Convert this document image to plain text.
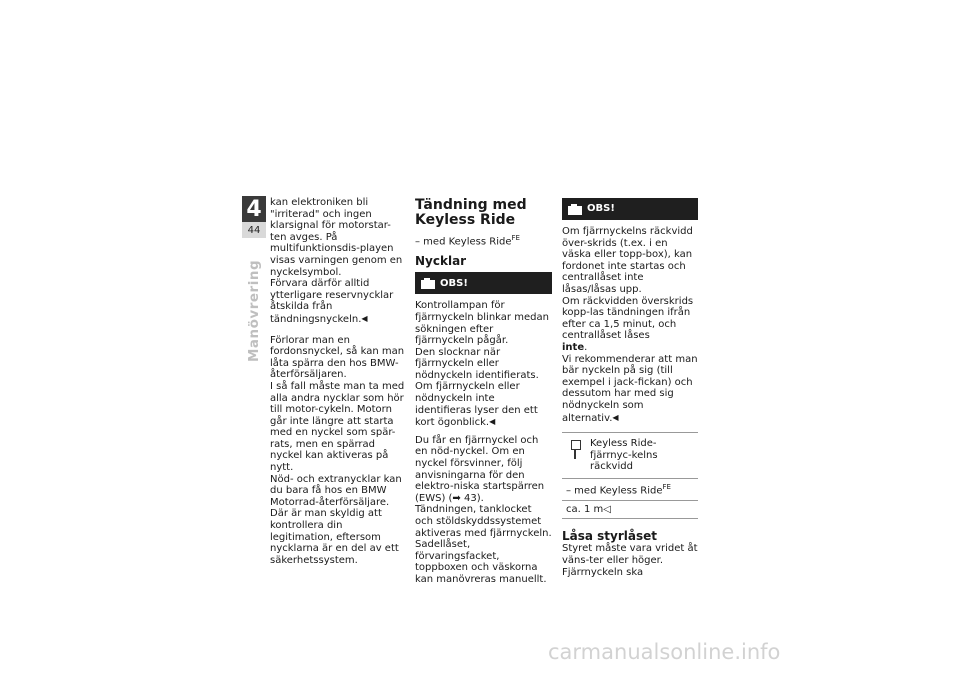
4
44
Manövrering

kan elektroniken bli "irriterad" och ingen klarsignal för motorstar-ten avges. På multifunktionsdis-playen visas varningen genom en nyckelsymbol.

Förvara därför alltid ytterligare reservnycklar åtskilda från tändningsnyckeln. ◀

Förlorar man en fordonsnyckel, så kan man låta spärra den hos BMW-återförsäljaren.

I så fall måste man ta med alla andra nycklar som hör till motor-cykeln. Motorn går inte längre att starta med en nyckel som spär-rats, men en spärrad nyckel kan aktiveras på nytt.

Nöd- och extranycklar kan du bara få hos en BMW Motorrad-återförsäljare. Där är man skyldig att kontrollera din legitimation, eftersom nycklarna är en del av ett säkerhetssystem.

Tändning med Keyless Ride
– med Keyless Ride$^{FE}$
Nycklar
OBS!

Kontrollampan för fjärrnyckeln blinkar medan sökningen efter fjärrnyckeln pågår.

Den slocknar när fjärrnyckeln eller nödnyckeln identifierats.

Om fjärrnyckeln eller nödnyckeln inte identifieras lyser den ett kort ögonblick. ◀

Du får en fjärrnyckel och en nöd-nyckel. Om en nyckel försvinner, följ anvisningarna för den elektro-niska startspärren (EWS) (➡ 43).

Tändningen, tanklocket och stöldskyddssystemet aktiveras med fjärrnyckeln. Sadellåset, förvaringsfacket, toppboxen och väskorna kan manövreras manuellt.

OBS!

Om fjärrnyckelns räckvidd över-skrids (t.ex. i en väska eller topp-box), kan fordonet inte startas och centrallåset inte låsas/låsas upp.

Om räckvidden överskrids kopp-las tändningen ifrån efter ca 1,5 minut, och centrallåset låses
inte.

Vi rekommenderar att man bär nyckeln på sig (till exempel i jack-fickan) och dessutom har med sig nödnyckeln som alternativ. ◀

Keyless Ride-fjärrnyc-kelns räckvidd
– med Keyless Ride$^{FE}$
ca. 1 m◁
Låsa styrlåset

Styret måste vara vridet åt väns-ter eller höger. Fjärrnyckeln ska

carmanualsonline.info
